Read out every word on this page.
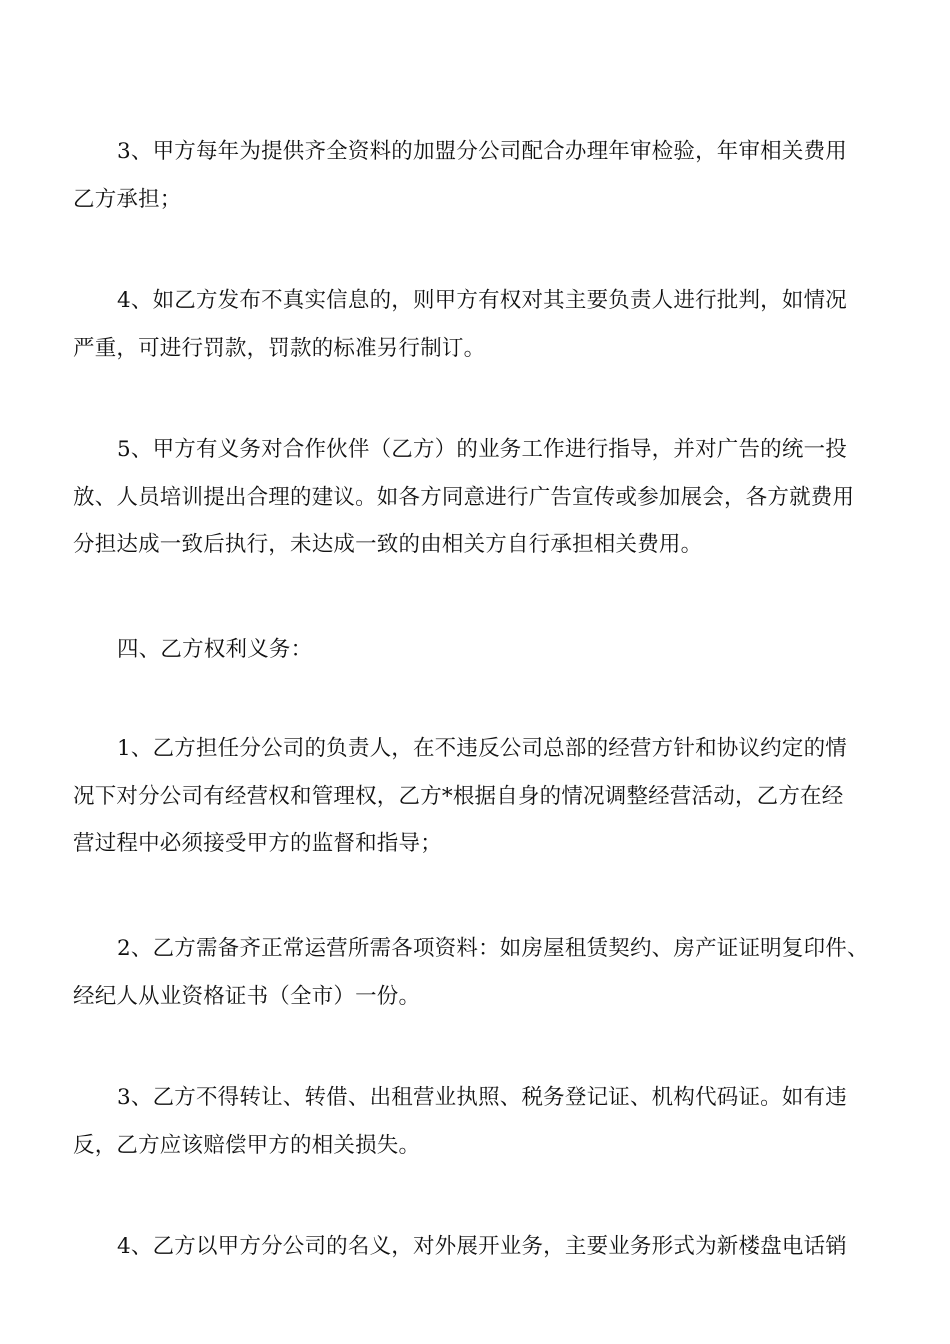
3、甲方每年为提供齐全资料的加盟分公司配合办理年审检验，年审相关费用
乙方承担；

4、如乙方发布不真实信息的，则甲方有权对其主要负责人进行批判，如情况
严重，可进行罚款，罚款的标准另行制订。

5、甲方有义务对合作伙伴（乙方）的业务工作进行指导，并对广告的统一投
放、人员培训提出合理的建议。如各方同意进行广告宣传或参加展会，各方就费用
分担达成一致后执行，未达成一致的由相关方自行承担相关费用。

四、乙方权利义务：

1、乙方担任分公司的负责人，在不违反公司总部的经营方针和协议约定的情
况下对分公司有经营权和管理权，乙方*根据自身的情况调整经营活动，乙方在经
营过程中必须接受甲方的监督和指导；

2、乙方需备齐正常运营所需各项资料：如房屋租赁契约、房产证证明复印件、
经纪人从业资格证书（全市）一份。

3、乙方不得转让、转借、出租营业执照、税务登记证、机构代码证。如有违
反，乙方应该赔偿甲方的相关损失。

4、乙方以甲方分公司的名义，对外展开业务，主要业务形式为新楼盘电话销
